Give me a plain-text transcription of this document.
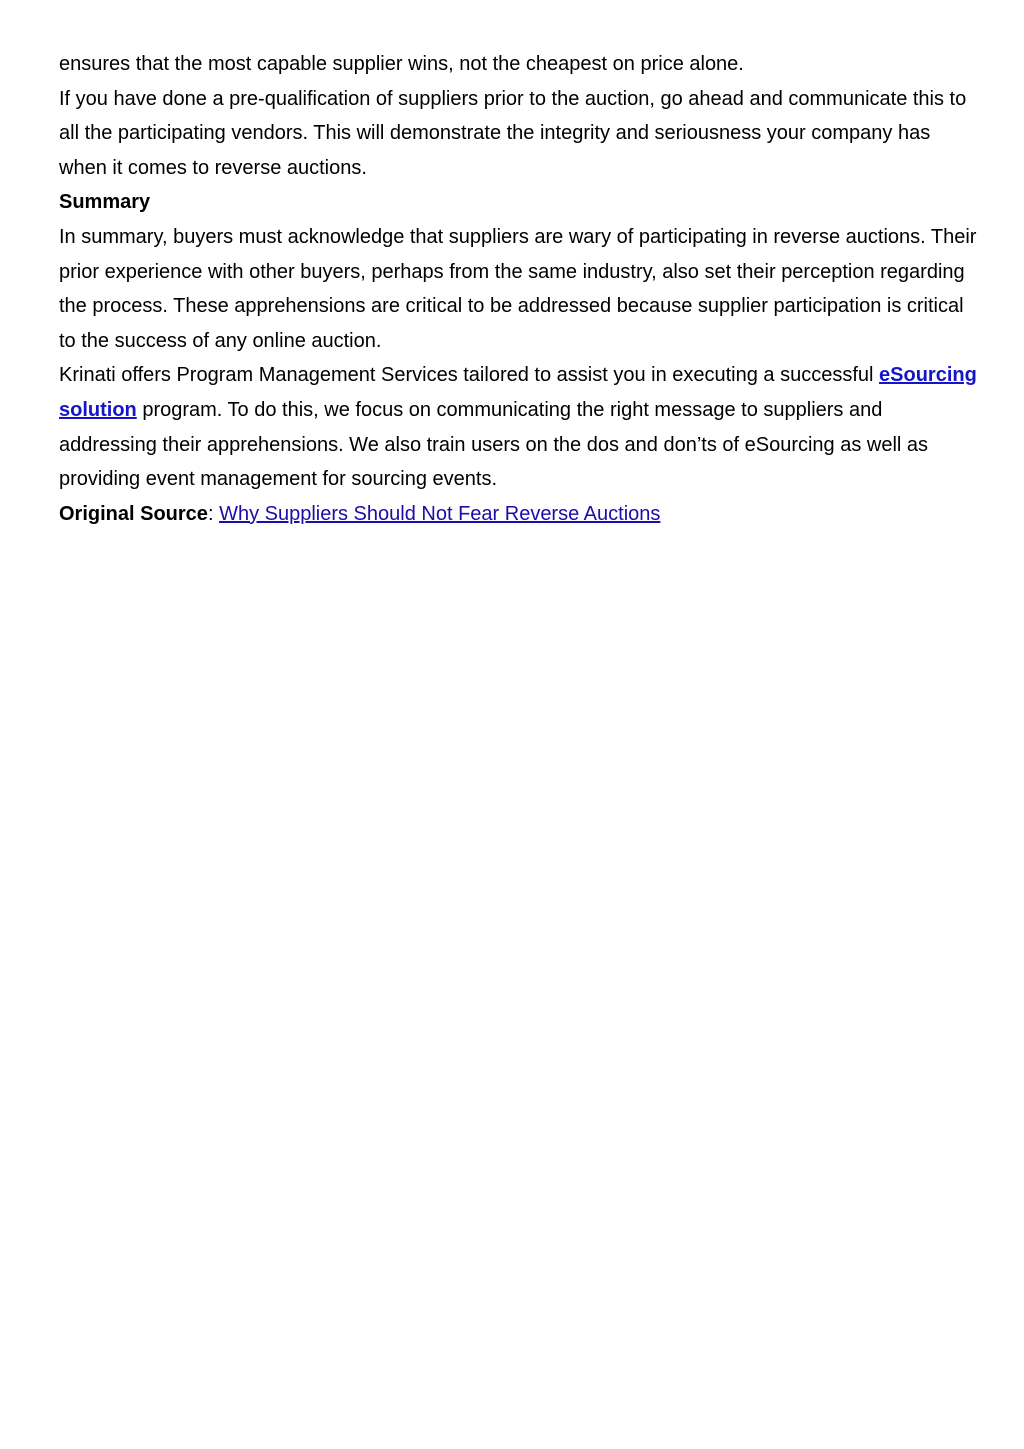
ensures that the most capable supplier wins, not the cheapest on price alone.

If you have done a pre-qualification of suppliers prior to the auction, go ahead and communicate this to all the participating vendors. This will demonstrate the integrity and seriousness your company has when it comes to reverse auctions.

Summary

In summary, buyers must acknowledge that suppliers are wary of participating in reverse auctions. Their prior experience with other buyers, perhaps from the same industry, also set their perception regarding the process. These apprehensions are critical to be addressed because supplier participation is critical to the success of any online auction.

Krinati offers Program Management Services tailored to assist you in executing a successful eSourcing solution program. To do this, we focus on communicating the right message to suppliers and addressing their apprehensions. We also train users on the dos and don’ts of eSourcing as well as providing event management for sourcing events.

Original Source: Why Suppliers Should Not Fear Reverse Auctions
